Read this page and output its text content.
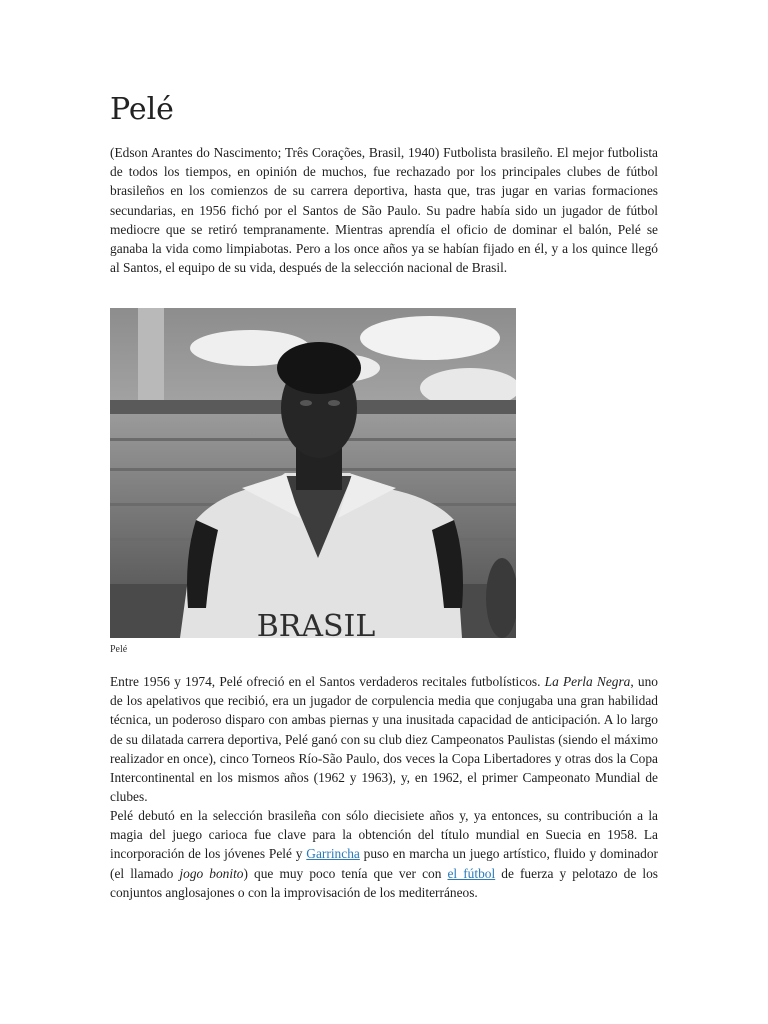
Pelé

(Edson Arantes do Nascimento; Três Corações, Brasil, 1940) Futbolista brasileño. El mejor futbolista de todos los tiempos, en opinión de muchos, fue rechazado por los principales clubes de fútbol brasileños en los comienzos de su carrera deportiva, hasta que, tras jugar en varias formaciones secundarias, en 1956 fichó por el Santos de São Paulo. Su padre había sido un jugador de fútbol mediocre que se retiró tempranamente. Mientras aprendía el oficio de dominar el balón, Pelé se ganaba la vida como limpiabotas. Pero a los once años ya se habían fijado en él, y a los quince llegó al Santos, el equipo de su vida, después de la selección nacional de Brasil.

BRASIL
Pelé

Entre 1956 y 1974, Pelé ofreció en el Santos verdaderos recitales futbolísticos. La Perla Negra, uno de los apelativos que recibió, era un jugador de corpulencia media que conjugaba una gran habilidad técnica, un poderoso disparo con ambas piernas y una inusitada capacidad de anticipación. A lo largo de su dilatada carrera deportiva, Pelé ganó con su club diez Campeonatos Paulistas (siendo el máximo realizador en once), cinco Torneos Río-São Paulo, dos veces la Copa Libertadores y otras dos la Copa Intercontinental en los mismos años (1962 y 1963), y, en 1962, el primer Campeonato Mundial de clubes.

Pelé debutó en la selección brasileña con sólo diecisiete años y, ya entonces, su contribución a la magia del juego carioca fue clave para la obtención del título mundial en Suecia en 1958. La incorporación de los jóvenes Pelé y Garrincha puso en marcha un juego artístico, fluido y dominador (el llamado jogo bonito) que muy poco tenía que ver con el fútbol de fuerza y pelotazo de los conjuntos anglosajones o con la improvisación de los mediterráneos.
